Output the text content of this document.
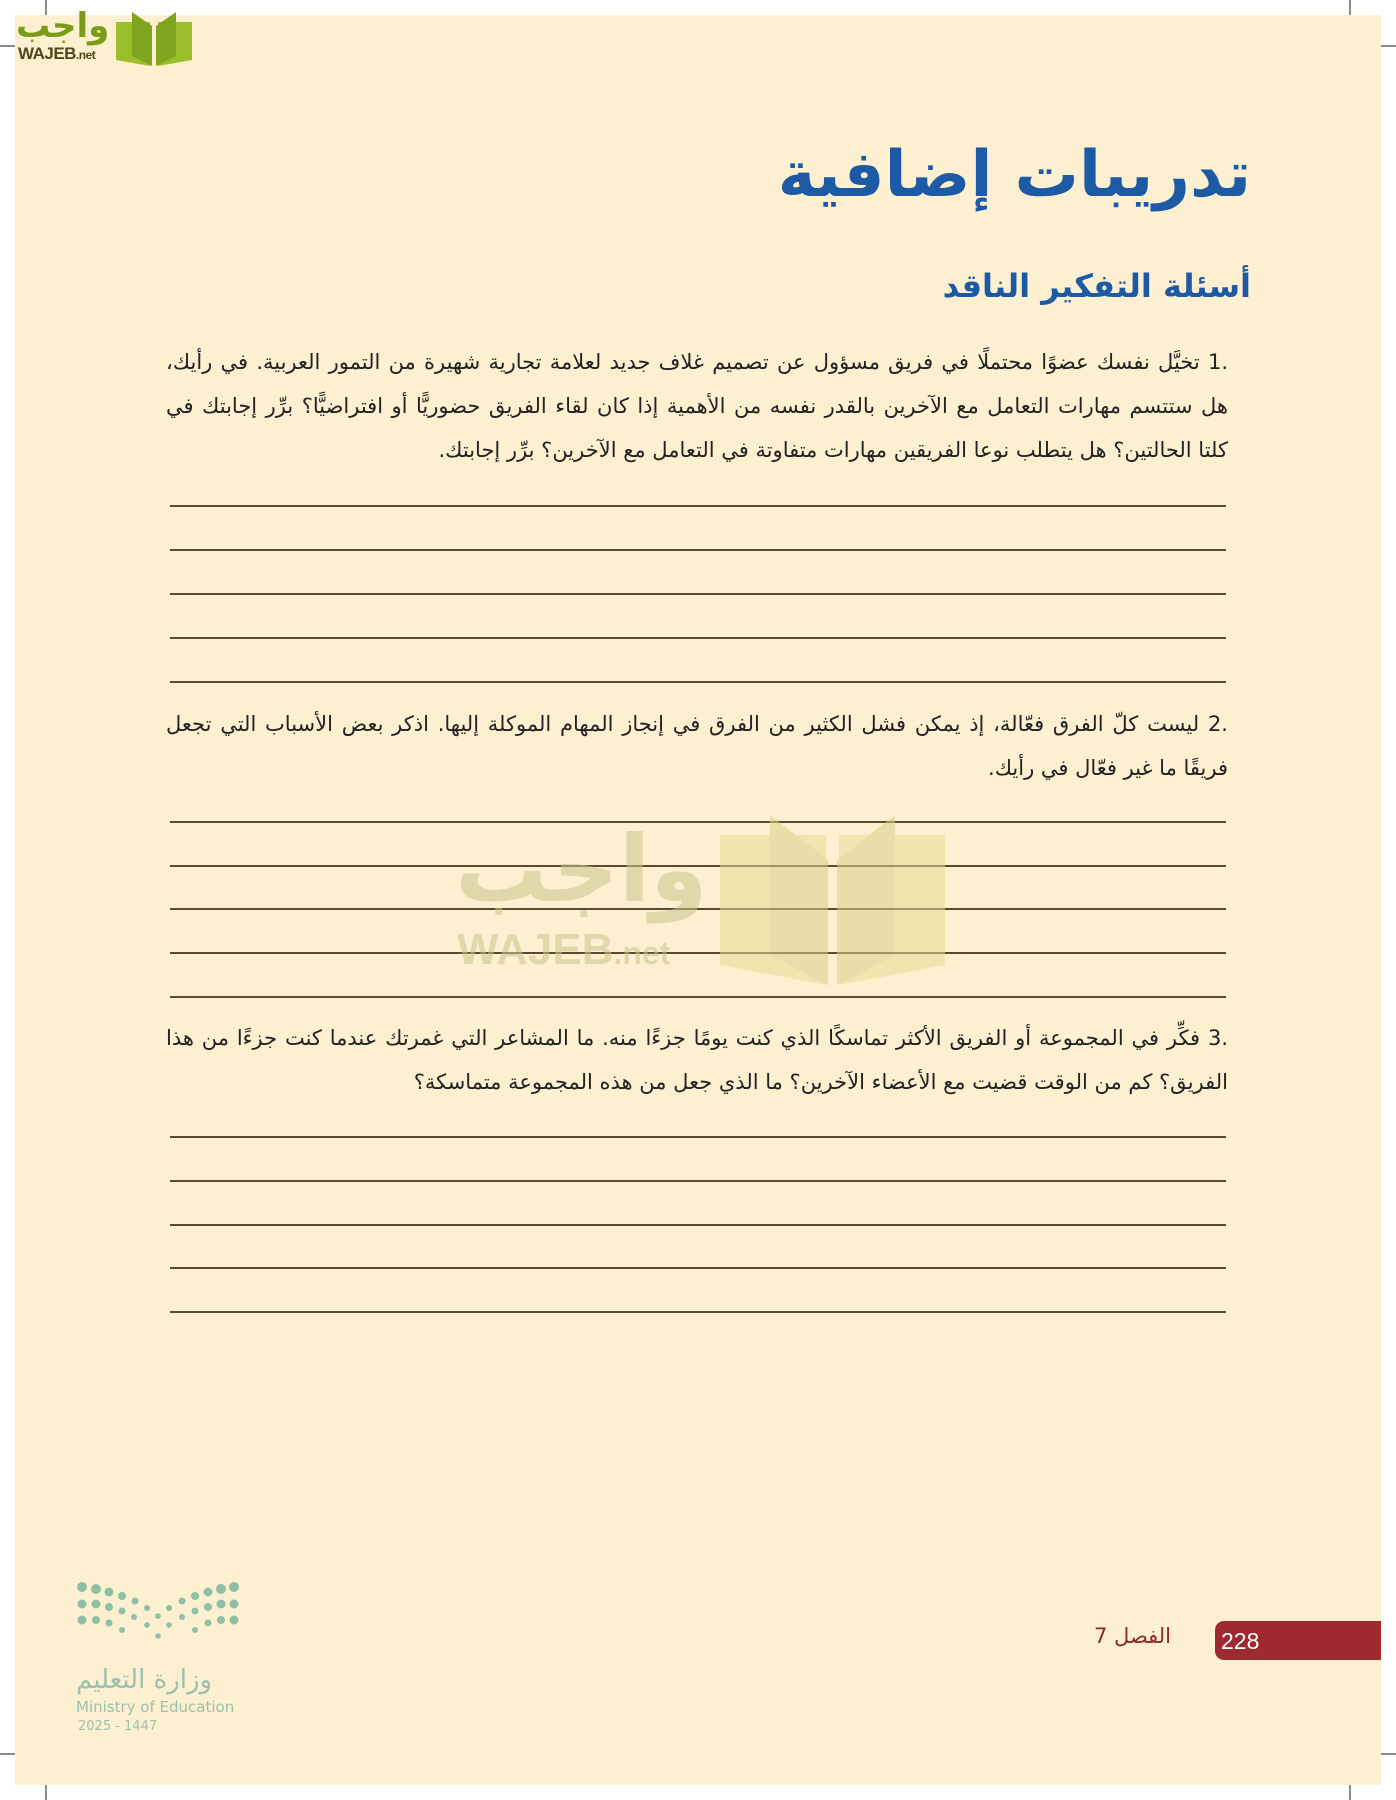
واجب
WAJEB.net
تدريبات إضافية
أسئلة التفكير الناقد
1. تخيَّل نفسك عضوًا محتملًا في فريق مسؤول عن تصميم غلاف جديد لعلامة تجارية شهيرة من التمور العربية. في رأيك، هل ستتسم مهارات التعامل مع الآخرين بالقدر نفسه من الأهمية إذا كان لقاء الفريق حضوريًّا أو افتراضيًّا؟ برِّر إجابتك في كلتا الحالتين؟ هل يتطلب نوعا الفريقين مهارات متفاوتة في التعامل مع الآخرين؟ برِّر إجابتك.
2. ليست كلّ الفرق فعّالة، إذ يمكن فشل الكثير من الفرق في إنجاز المهام الموكلة إليها. اذكر بعض الأسباب التي تجعل فريقًا ما غير فعّال في رأيك.
3. فكِّر في المجموعة أو الفريق الأكثر تماسكًا الذي كنت يومًا جزءًا منه. ما المشاعر التي غمرتك عندما كنت جزءًا من هذا الفريق؟ كم من الوقت قضيت مع الأعضاء الآخرين؟ ما الذي جعل من هذه المجموعة متماسكة؟
واجب
WAJEB.net
وزارة التعليم
Ministry of Education
2025 - 1447
الفصل 7 228
